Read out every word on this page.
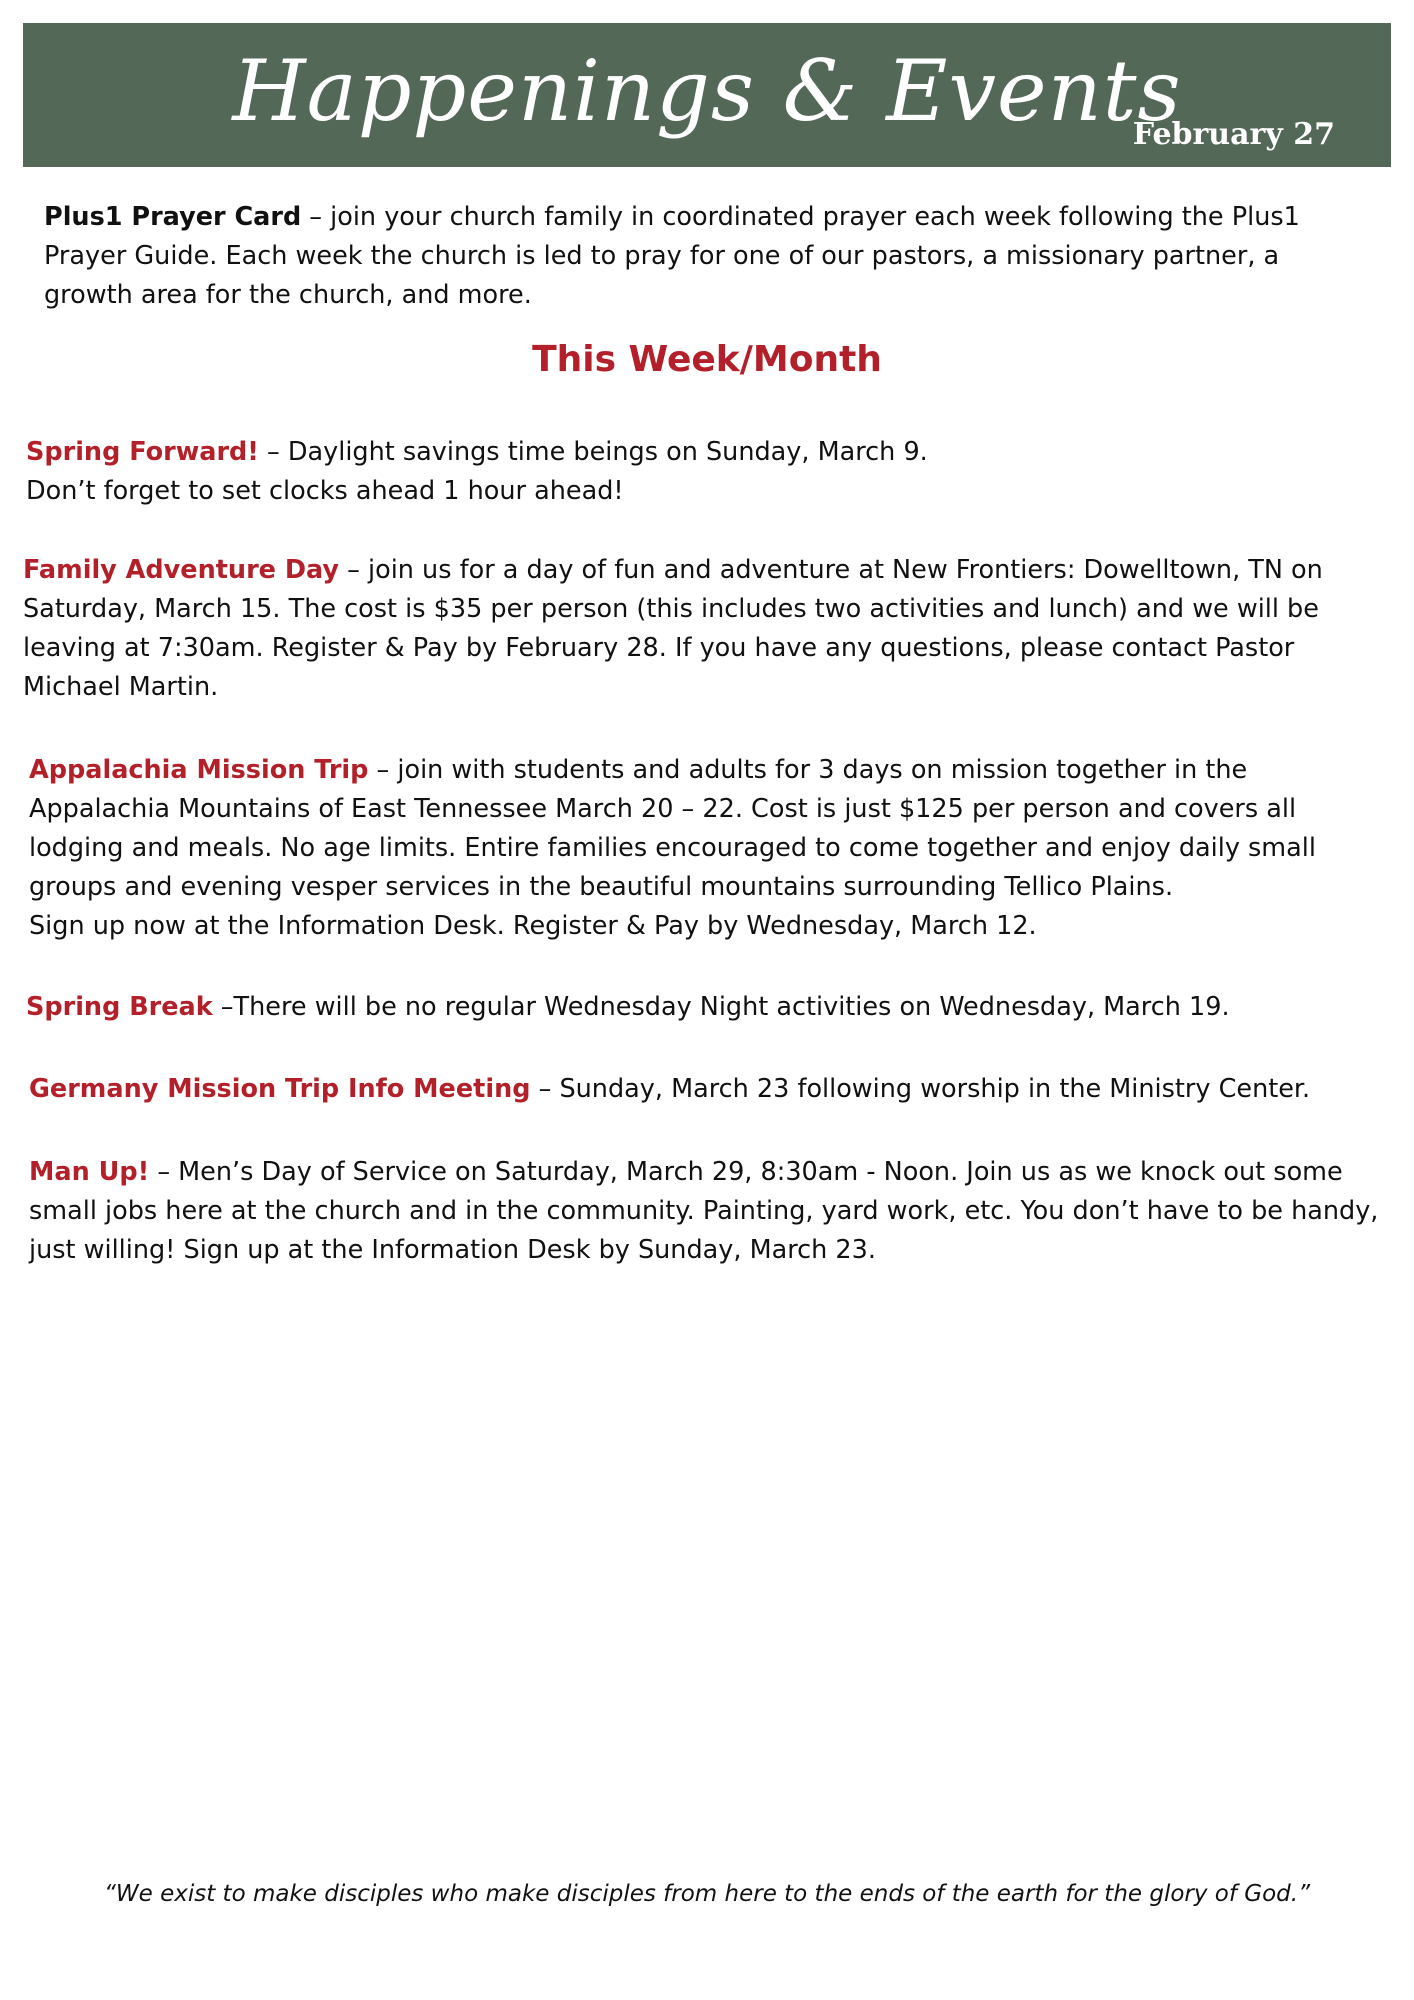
Happenings & Events
February 27

Plus1 Prayer Card – join your church family in coordinated prayer each week following the Plus1 Prayer Guide. Each week the church is led to pray for one of our pastors, a missionary partner, a growth area for the church, and more.

This Week/Month

Spring Forward! – Daylight savings time beings on Sunday, March 9.
Don’t forget to set clocks ahead 1 hour ahead!

Family Adventure Day – join us for a day of fun and adventure at New Frontiers: Dowelltown, TN on Saturday, March 15. The cost is $35 per person (this includes two activities and lunch) and we will be leaving at 7:30am. Register & Pay by February 28. If you have any questions, please contact Pastor Michael Martin.

Appalachia Mission Trip – join with students and adults for 3 days on mission together in the Appalachia Mountains of East Tennessee March 20 – 22. Cost is just $125 per person and covers all lodging and meals. No age limits. Entire families encouraged to come together and enjoy daily small groups and evening vesper services in the beautiful mountains surrounding Tellico Plains.
Sign up now at the Information Desk. Register & Pay by Wednesday, March 12.

Spring Break –There will be no regular Wednesday Night activities on Wednesday, March 19.

Germany Mission Trip Info Meeting – Sunday, March 23 following worship in the Ministry Center.

Man Up! – Men’s Day of Service on Saturday, March 29, 8:30am - Noon. Join us as we knock out some small jobs here at the church and in the community. Painting, yard work, etc. You don’t have to be handy, just willing! Sign up at the Information Desk by Sunday, March 23.

“We exist to make disciples who make disciples from here to the ends of the earth for the glory of God.”
